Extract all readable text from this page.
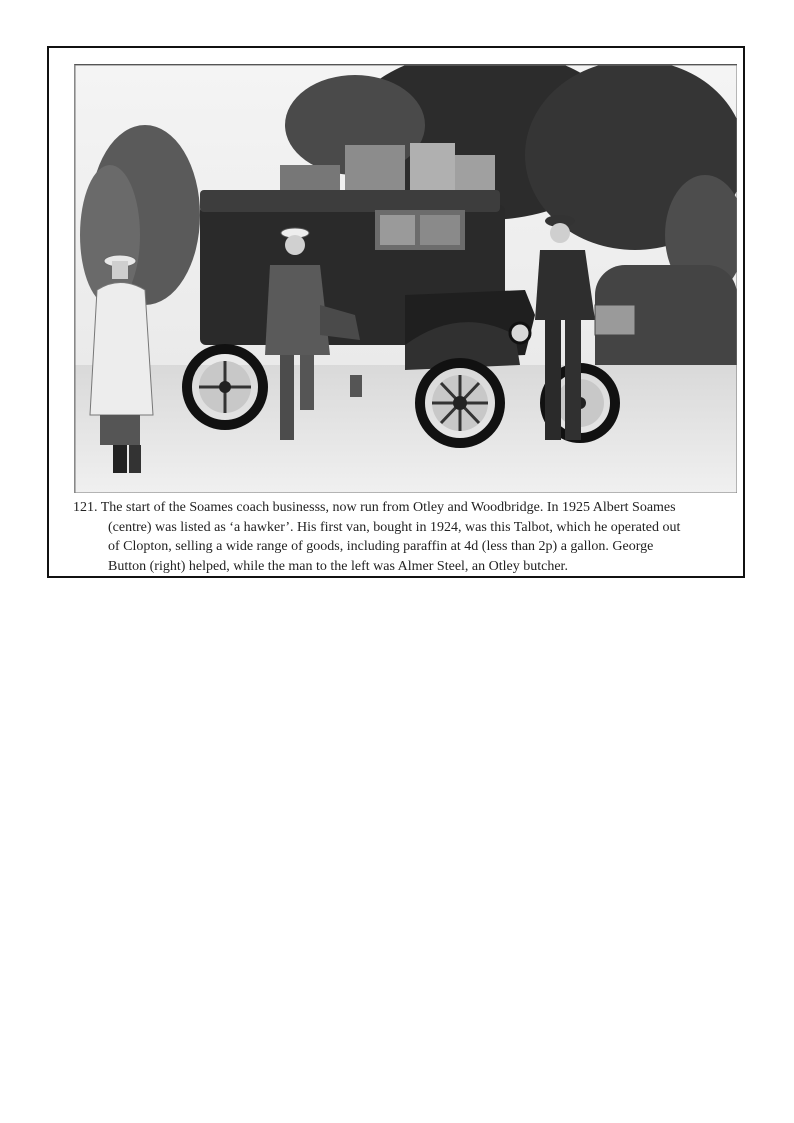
121. The start of the Soames coach businesss, now run from Otley and Woodbridge. In 1925 Albert Soames
(centre) was listed as ‘a hawker’. His first van, bought in 1924, was this Talbot, which he operated out
of Clopton, selling a wide range of goods, including paraffin at 4d (less than 2p) a gallon. George
Button (right) helped, while the man to the left was Almer Steel, an Otley butcher.
